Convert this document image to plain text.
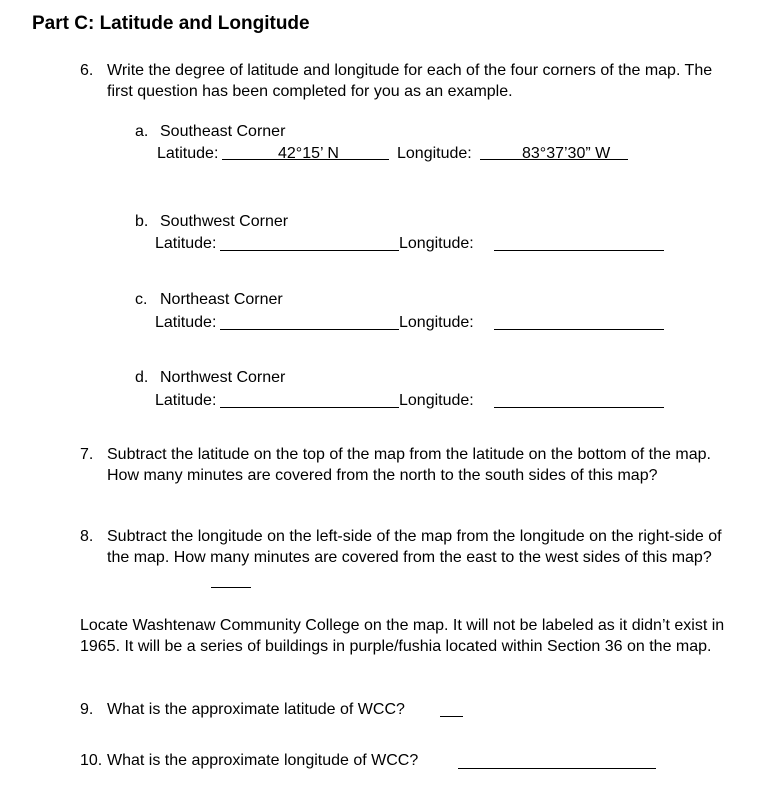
Part C: Latitude and Longitude
6. Write the degree of latitude and longitude for each of the four corners of the map. The first question has been completed for you as an example.
a. Southeast Corner
Latitude:	42°15’ N	Longitude:	83°37’30” W
b. Southwest Corner
Latitude:	Longitude:
c. Northeast Corner
Latitude:	Longitude:
d. Northwest Corner
Latitude:	Longitude:
7. Subtract the latitude on the top of the map from the latitude on the bottom of the map. How many minutes are covered from the north to the south sides of this map?
8. Subtract the longitude on the left-side of the map from the longitude on the right-side of the map. How many minutes are covered from the east to the west sides of this map?
Locate Washtenaw Community College on the map. It will not be labeled as it didn’t exist in 1965. It will be a series of buildings in purple/fushia located within Section 36 on the map.
9. What is the approximate latitude of WCC?
10. What is the approximate longitude of WCC?
